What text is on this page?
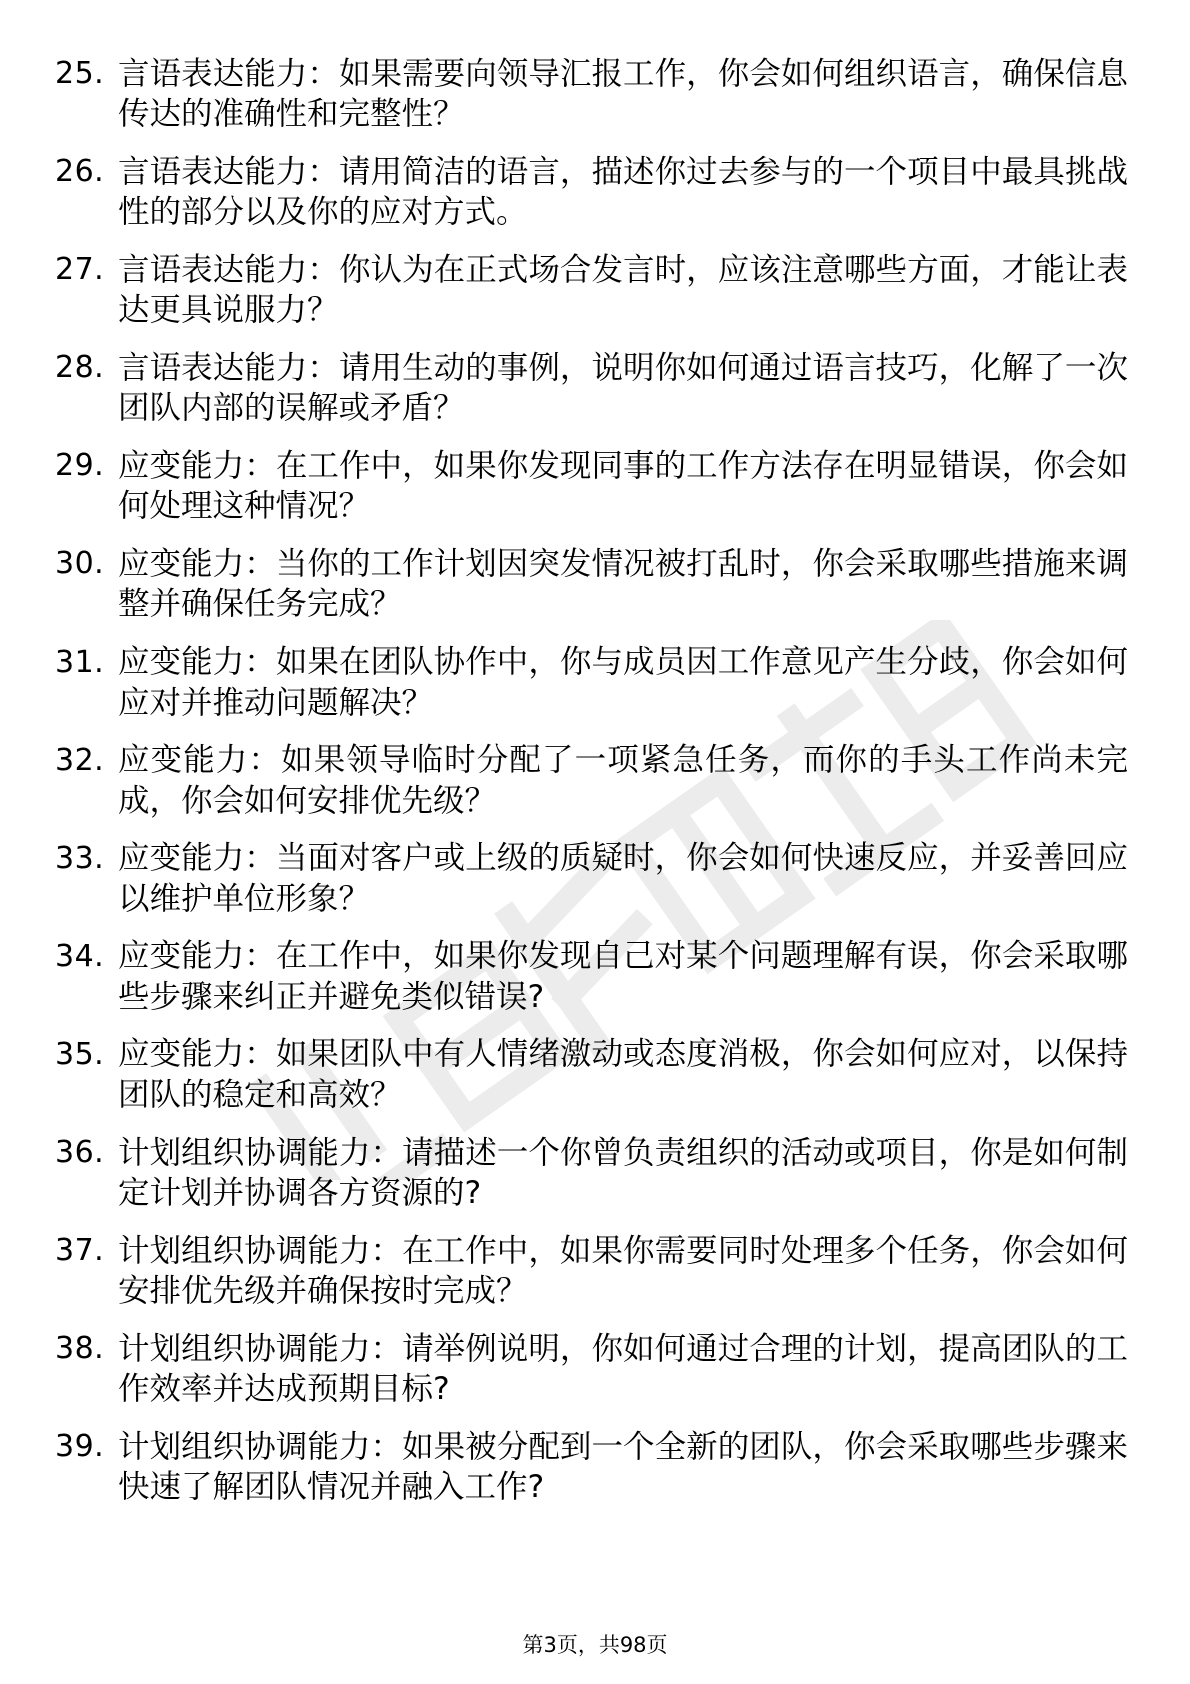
25. 言语表达能力：如果需要向领导汇报工作，你会如何组织语言，确保信息传达的准确性和完整性？
26. 言语表达能力：请用简洁的语言，描述你过去参与的一个项目中最具挑战性的部分以及你的应对方式。
27. 言语表达能力：你认为在正式场合发言时，应该注意哪些方面，才能让表达更具说服力？
28. 言语表达能力：请用生动的事例，说明你如何通过语言技巧，化解了一次团队内部的误解或矛盾？
29. 应变能力：在工作中，如果你发现同事的工作方法存在明显错误，你会如何处理这种情况？
30. 应变能力：当你的工作计划因突发情况被打乱时，你会采取哪些措施来调整并确保任务完成？
31. 应变能力：如果在团队协作中，你与成员因工作意见产生分歧，你会如何应对并推动问题解决？
32. 应变能力：如果领导临时分配了一项紧急任务，而你的手头工作尚未完成，你会如何安排优先级？
33. 应变能力：当面对客户或上级的质疑时，你会如何快速反应，并妥善回应以维护单位形象？
34. 应变能力：在工作中，如果你发现自己对某个问题理解有误，你会采取哪些步骤来纠正并避免类似错误?
35. 应变能力：如果团队中有人情绪激动或态度消极，你会如何应对，以保持团队的稳定和高效？
36. 计划组织协调能力：请描述一个你曾负责组织的活动或项目，你是如何制定计划并协调各方资源的?
37. 计划组织协调能力：在工作中，如果你需要同时处理多个任务，你会如何安排优先级并确保按时完成？
38. 计划组织协调能力：请举例说明，你如何通过合理的计划，提高团队的工作效率并达成预期目标?
39. 计划组织协调能力：如果被分配到一个全新的团队，你会采取哪些步骤来快速了解团队情况并融入工作?
第3页，共98页
